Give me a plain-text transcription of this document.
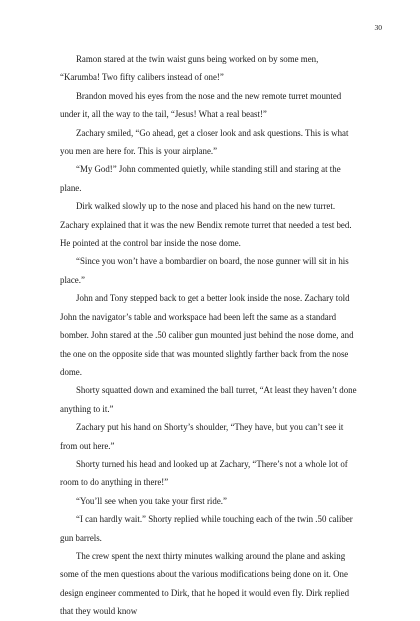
30

Ramon stared at the twin waist guns being worked on by some men, “Karumba! Two fifty calibers instead of one!”

Brandon moved his eyes from the nose and the new remote turret mounted under it, all the way to the tail, “Jesus! What a real beast!”

Zachary smiled, “Go ahead, get a closer look and ask questions. This is what you men are here for. This is your airplane.”

“My God!” John commented quietly, while standing still and staring at the plane.

Dirk walked slowly up to the nose and placed his hand on the new turret. Zachary explained that it was the new Bendix remote turret that needed a test bed. He pointed at the control bar inside the nose dome.

“Since you won’t have a bombardier on board, the nose gunner will sit in his place.”

John and Tony stepped back to get a better look inside the nose. Zachary told John the navigator’s table and workspace had been left the same as a standard bomber. John stared at the .50 caliber gun mounted just behind the nose dome, and the one on the opposite side that was mounted slightly farther back from the nose dome.

Shorty squatted down and examined the ball turret, “At least they haven’t done anything to it.”

Zachary put his hand on Shorty’s shoulder, “They have, but you can’t see it from out here.”

Shorty turned his head and looked up at Zachary, “There’s not a whole lot of room to do anything in there!”

“You’ll see when you take your first ride.”

“I can hardly wait.” Shorty replied while touching each of the twin .50 caliber gun barrels.

The crew spent the next thirty minutes walking around the plane and asking some of the men questions about the various modifications being done on it. One design engineer commented to Dirk, that he hoped it would even fly. Dirk replied that they would know
